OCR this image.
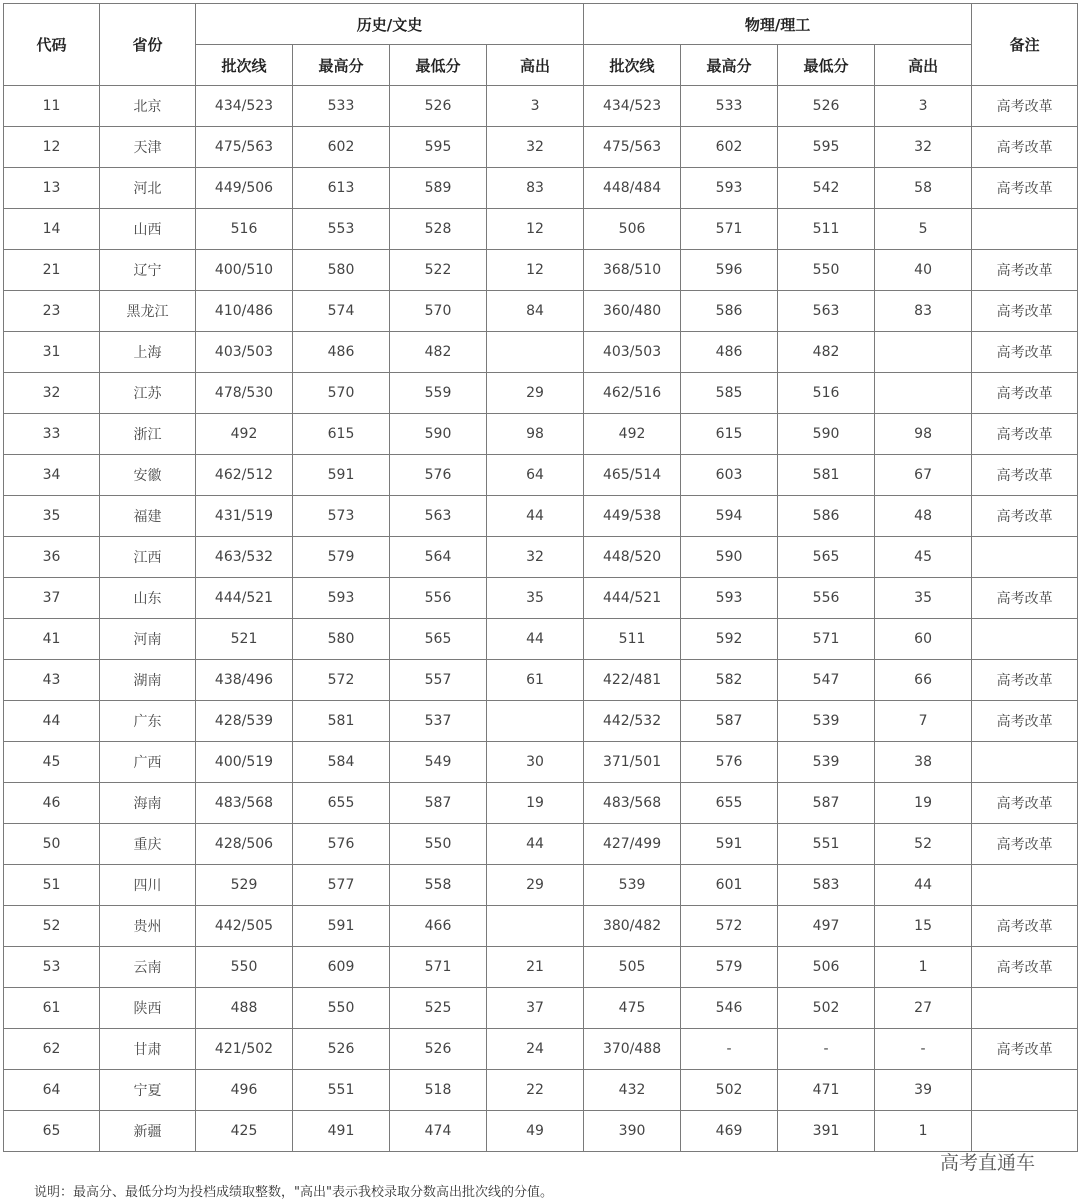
代码	省份	历史/文史				物理/理工				备注
		批次线	最高分	最低分	高出	批次线	最高分	最低分	高出	
11	北京	434/523	533	526	3	434/523	533	526	3	高考改革
12	天津	475/563	602	595	32	475/563	602	595	32	高考改革
13	河北	449/506	613	589	83	448/484	593	542	58	高考改革
14	山西	516	553	528	12	506	571	511	5	
21	辽宁	400/510	580	522	12	368/510	596	550	40	高考改革
23	黑龙江	410/486	574	570	84	360/480	586	563	83	高考改革
31	上海	403/503	486	482		403/503	486	482		高考改革
32	江苏	478/530	570	559	29	462/516	585	516		高考改革
33	浙江	492	615	590	98	492	615	590	98	高考改革
34	安徽	462/512	591	576	64	465/514	603	581	67	高考改革
35	福建	431/519	573	563	44	449/538	594	586	48	高考改革
36	江西	463/532	579	564	32	448/520	590	565	45	
37	山东	444/521	593	556	35	444/521	593	556	35	高考改革
41	河南	521	580	565	44	511	592	571	60	
43	湖南	438/496	572	557	61	422/481	582	547	66	高考改革
44	广东	428/539	581	537		442/532	587	539	7	高考改革
45	广西	400/519	584	549	30	371/501	576	539	38	
46	海南	483/568	655	587	19	483/568	655	587	19	高考改革
50	重庆	428/506	576	550	44	427/499	591	551	52	高考改革
51	四川	529	577	558	29	539	601	583	44	
52	贵州	442/505	591	466		380/482	572	497	15	高考改革
53	云南	550	609	571	21	505	579	506	1	高考改革
61	陕西	488	550	525	37	475	546	502	27	
62	甘肃	421/502	526	526	24	370/488	-	-	-	高考改革
64	宁夏	496	551	518	22	432	502	471	39	
65	新疆	425	491	474	49	390	469	391	1	
说明：最高分、最低分均为投档成绩取整数，"高出"表示我校录取分数高出批次线的分值。
高考直通车
